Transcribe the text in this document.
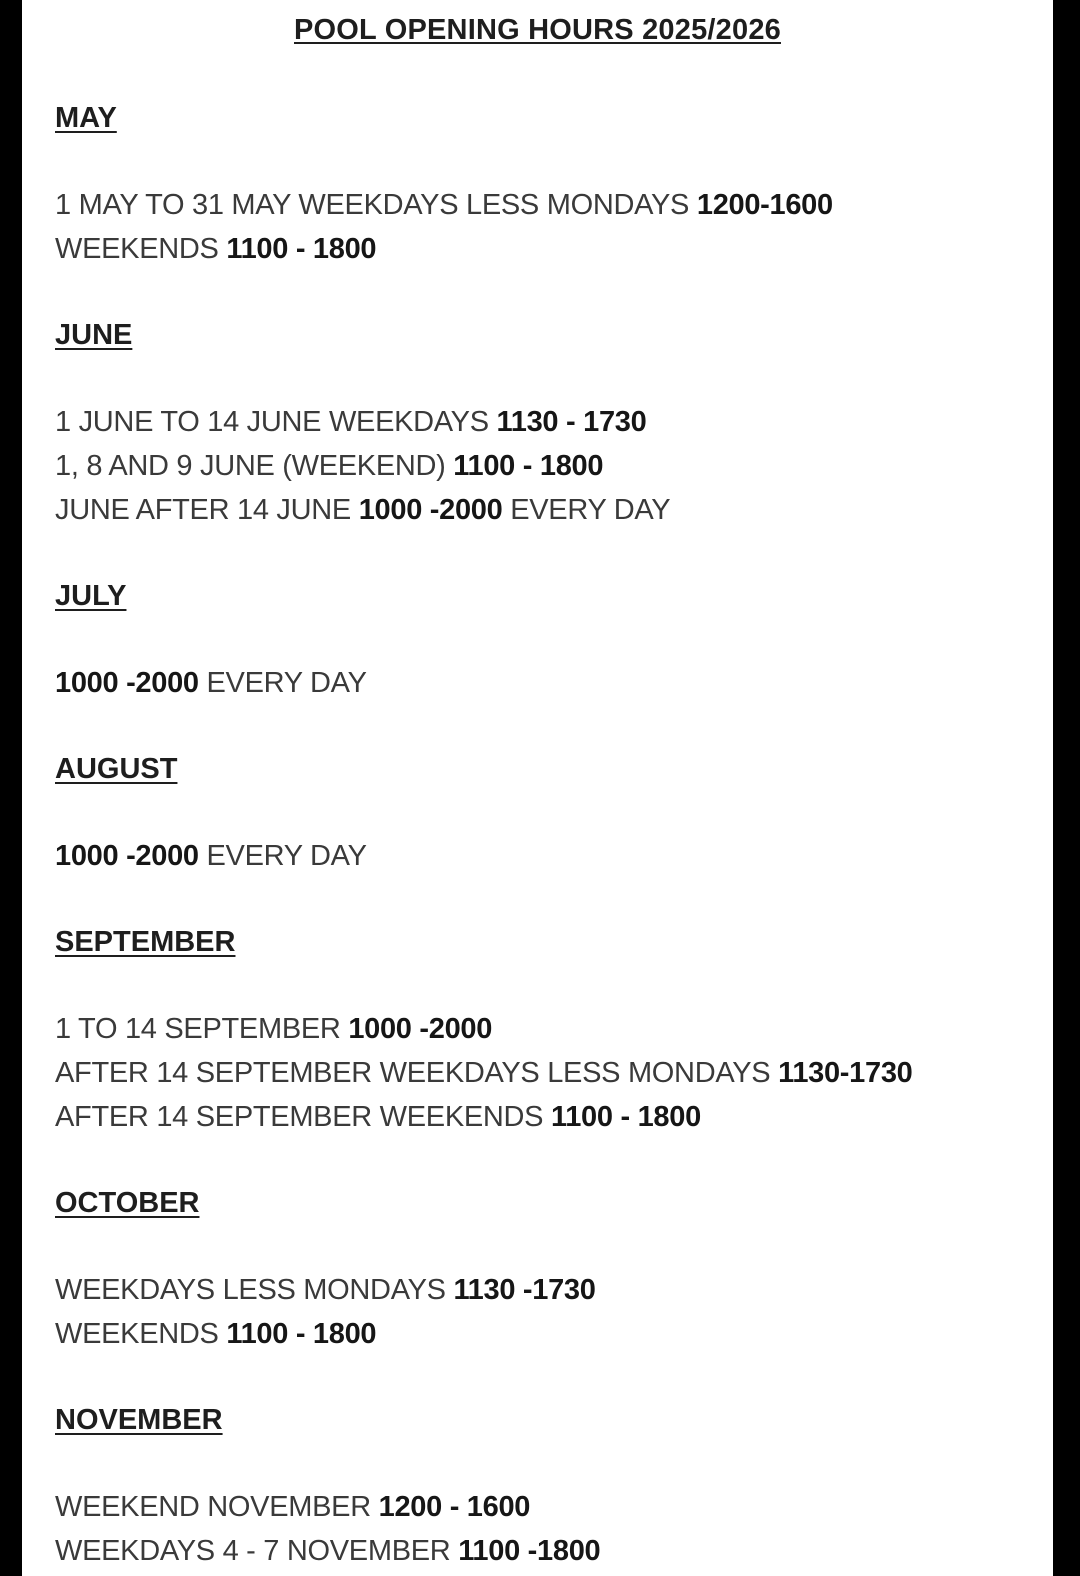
POOL OPENING HOURS 2025/2026
MAY
1 MAY TO 31 MAY WEEKDAYS LESS MONDAYS 1200-1600
WEEKENDS 1100 - 1800
JUNE
1 JUNE TO 14 JUNE WEEKDAYS 1130 - 1730
1, 8 AND 9 JUNE (WEEKEND) 1100 - 1800
JUNE AFTER 14 JUNE 1000 -2000 EVERY DAY
JULY
1000 -2000 EVERY DAY
AUGUST
1000 -2000 EVERY DAY
SEPTEMBER
1 TO 14 SEPTEMBER 1000 -2000
AFTER 14 SEPTEMBER WEEKDAYS LESS MONDAYS 1130-1730
AFTER 14 SEPTEMBER WEEKENDS 1100 - 1800
OCTOBER
WEEKDAYS LESS MONDAYS 1130 -1730
WEEKENDS 1100 - 1800
NOVEMBER
WEEKEND NOVEMBER 1200 - 1600
WEEKDAYS 4 - 7 NOVEMBER 1100 -1800
